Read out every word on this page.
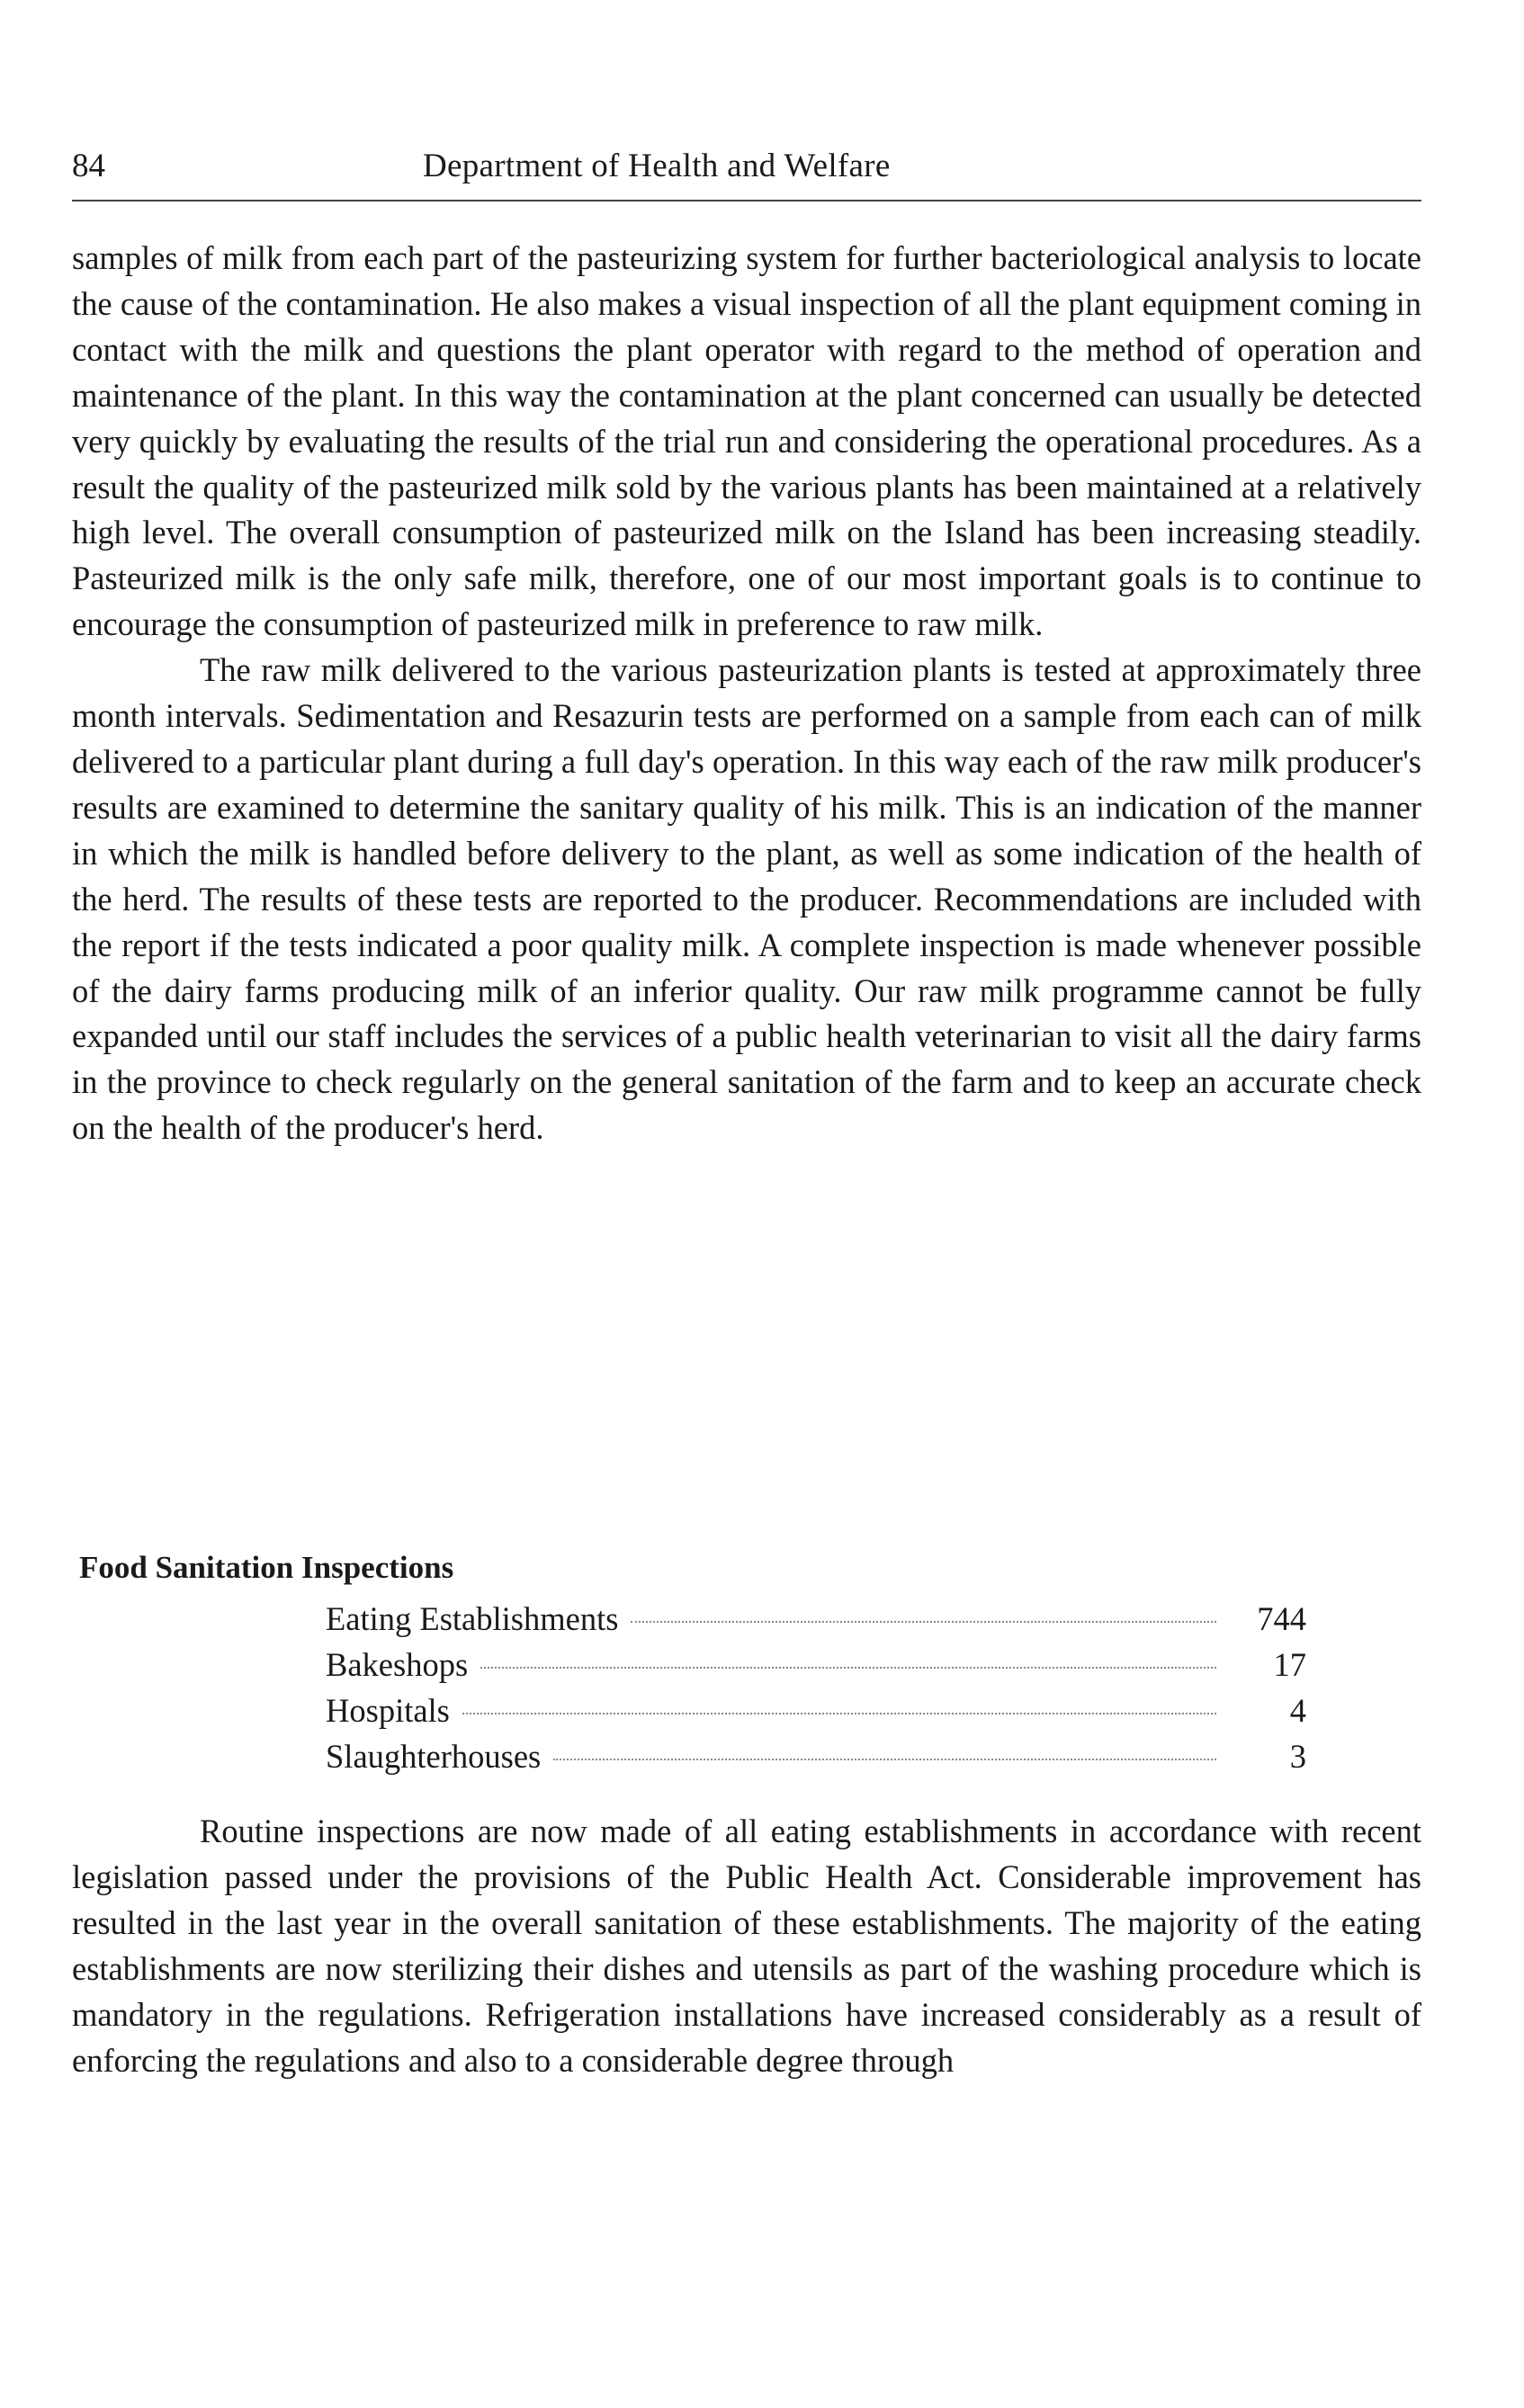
84	Department of Health and Welfare

samples of milk from each part of the pasteurizing system for further bacteriological analysis to locate the cause of the contamination. He also makes a visual inspection of all the plant equipment coming in contact with the milk and questions the plant operator with regard to the method of operation and maintenance of the plant. In this way the contamination at the plant concerned can usually be detected very quickly by evaluating the results of the trial run and considering the operational procedures. As a result the quality of the pasteurized milk sold by the various plants has been maintained at a relatively high level. The overall consumption of pasteurized milk on the Island has been increasing steadily. Pasteurized milk is the only safe milk, therefore, one of our most important goals is to continue to encourage the consumption of pasteurized milk in preference to raw milk.

The raw milk delivered to the various pasteurization plants is tested at approximately three month intervals. Sedimentation and Resazurin tests are performed on a sample from each can of milk delivered to a particular plant during a full day's operation. In this way each of the raw milk producer's results are examined to determine the sanitary quality of his milk. This is an indication of the manner in which the milk is handled before delivery to the plant, as well as some indication of the health of the herd. The results of these tests are reported to the producer. Recommendations are included with the report if the tests indicated a poor quality milk. A complete inspection is made whenever possible of the dairy farms producing milk of an inferior quality. Our raw milk programme cannot be fully expanded until our staff includes the services of a public health veterinarian to visit all the dairy farms in the province to check regularly on the general sanitation of the farm and to keep an accurate check on the health of the producer's herd.

Food Sanitation Inspections
Eating Establishments	744
Bakeshops	17
Hospitals	4
Slaughterhouses	3

Routine inspections are now made of all eating establishments in accordance with recent legislation passed under the provisions of the Public Health Act. Considerable improvement has resulted in the last year in the overall sanitation of these establishments. The majority of the eating establishments are now sterilizing their dishes and utensils as part of the washing procedure which is mandatory in the regulations. Refrigeration installations have increased considerably as a result of enforcing the regulations and also to a considerable degree through
